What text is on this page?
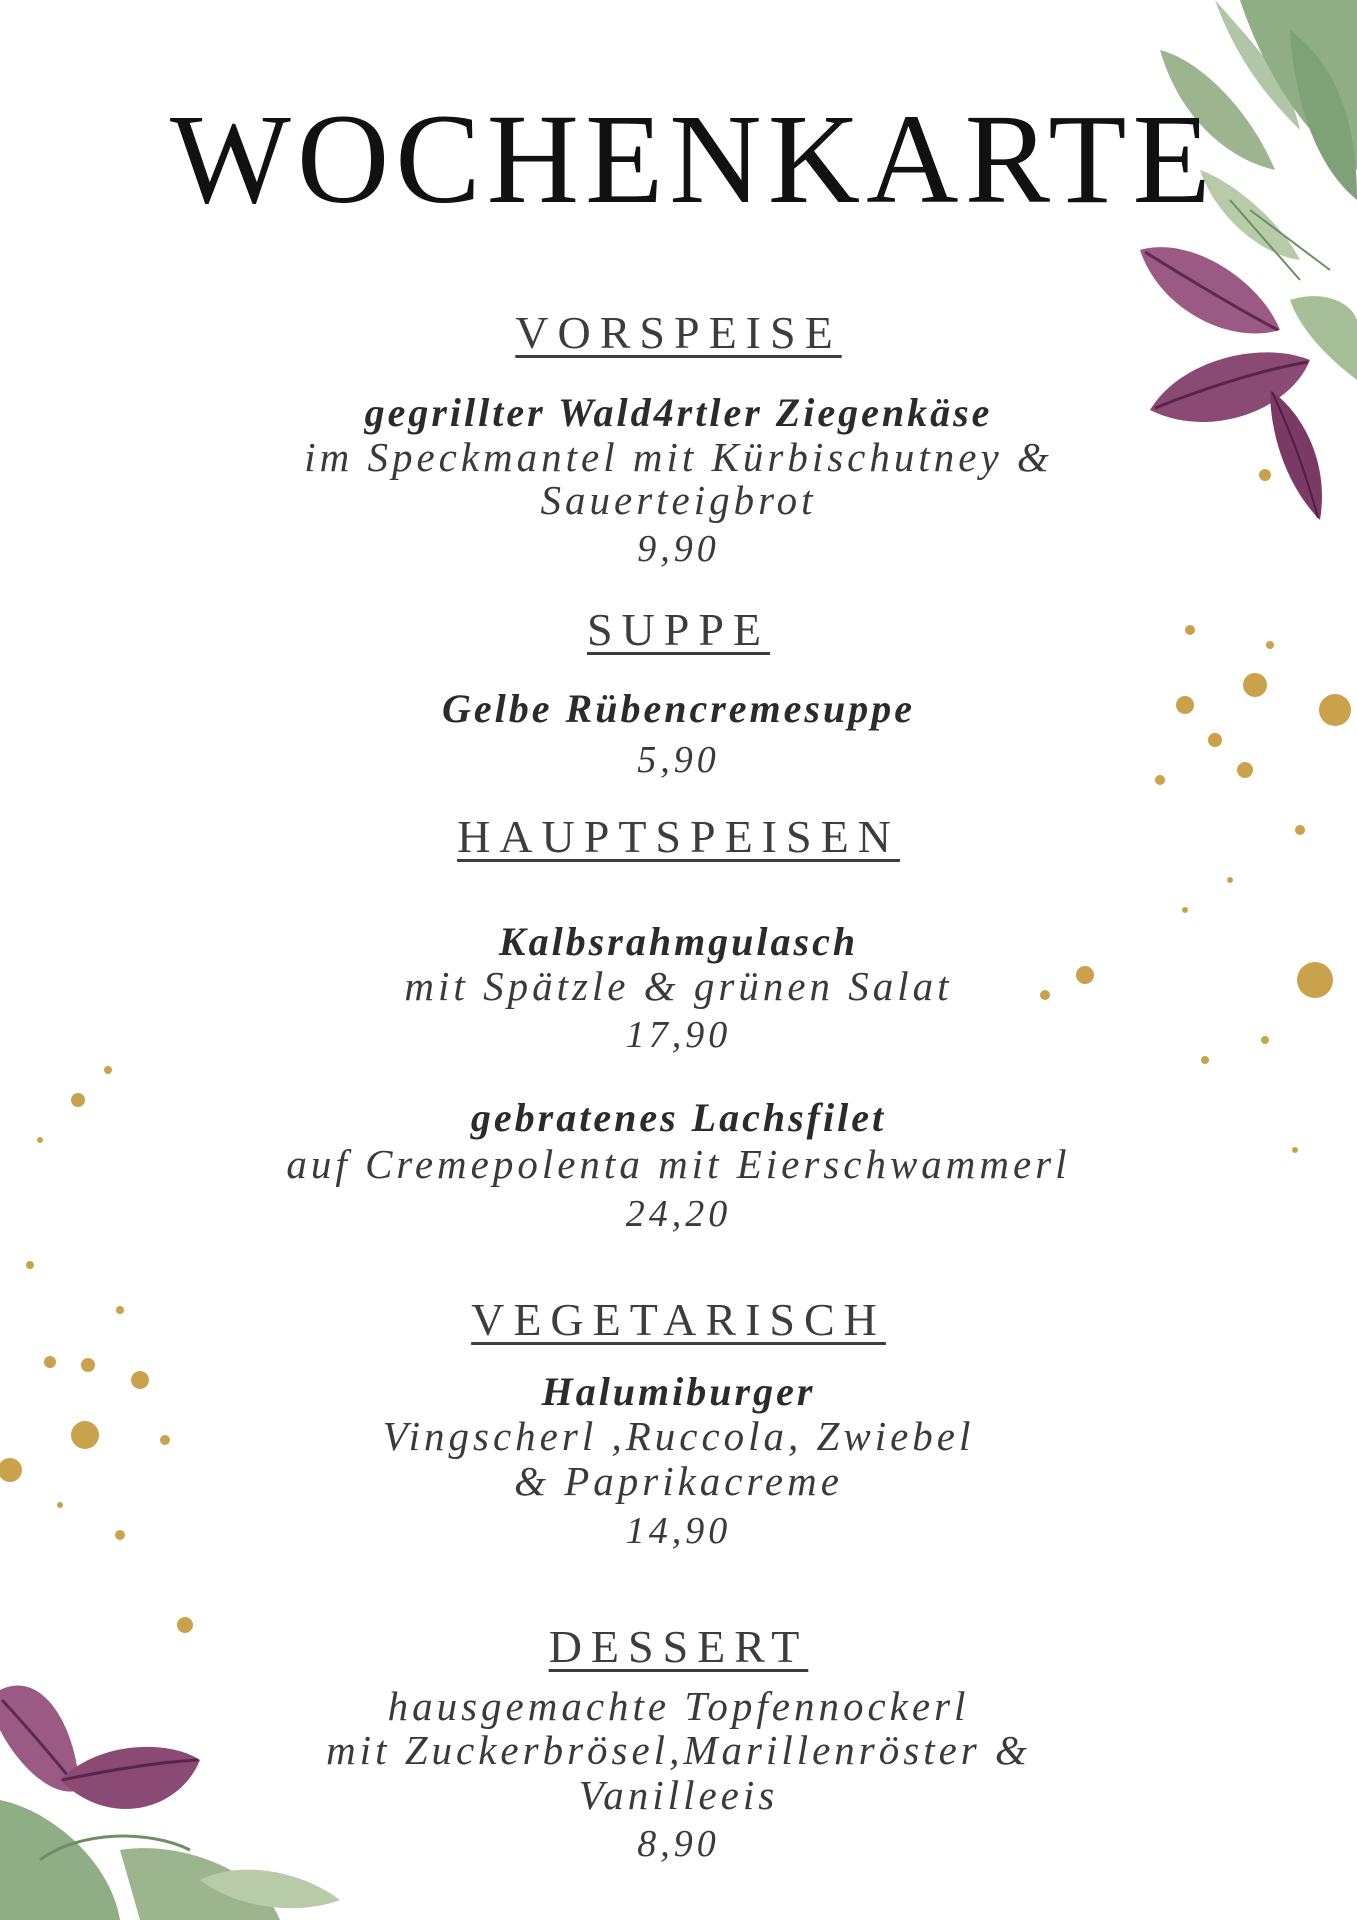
WOCHENKARTE
VORSPEISE
gegrillter Wald4rtler Ziegenkäse
im Speckmantel mit Kürbischutney &
Sauerteigbrot
9,90
SUPPE
Gelbe Rübencremesuppe
5,90
HAUPTSPEISEN
Kalbsrahmgulasch
mit Spätzle & grünen Salat
17,90
gebratenes Lachsfilet
auf Cremepolenta mit Eierschwammerl
24,20
VEGETARISCH
Halumiburger
Vingscherl ,Ruccola, Zwiebel
& Paprikacreme
14,90
DESSERT
hausgemachte Topfennockerl
mit Zuckerbrösel,Marillenröster &
Vanilleeis
8,90
